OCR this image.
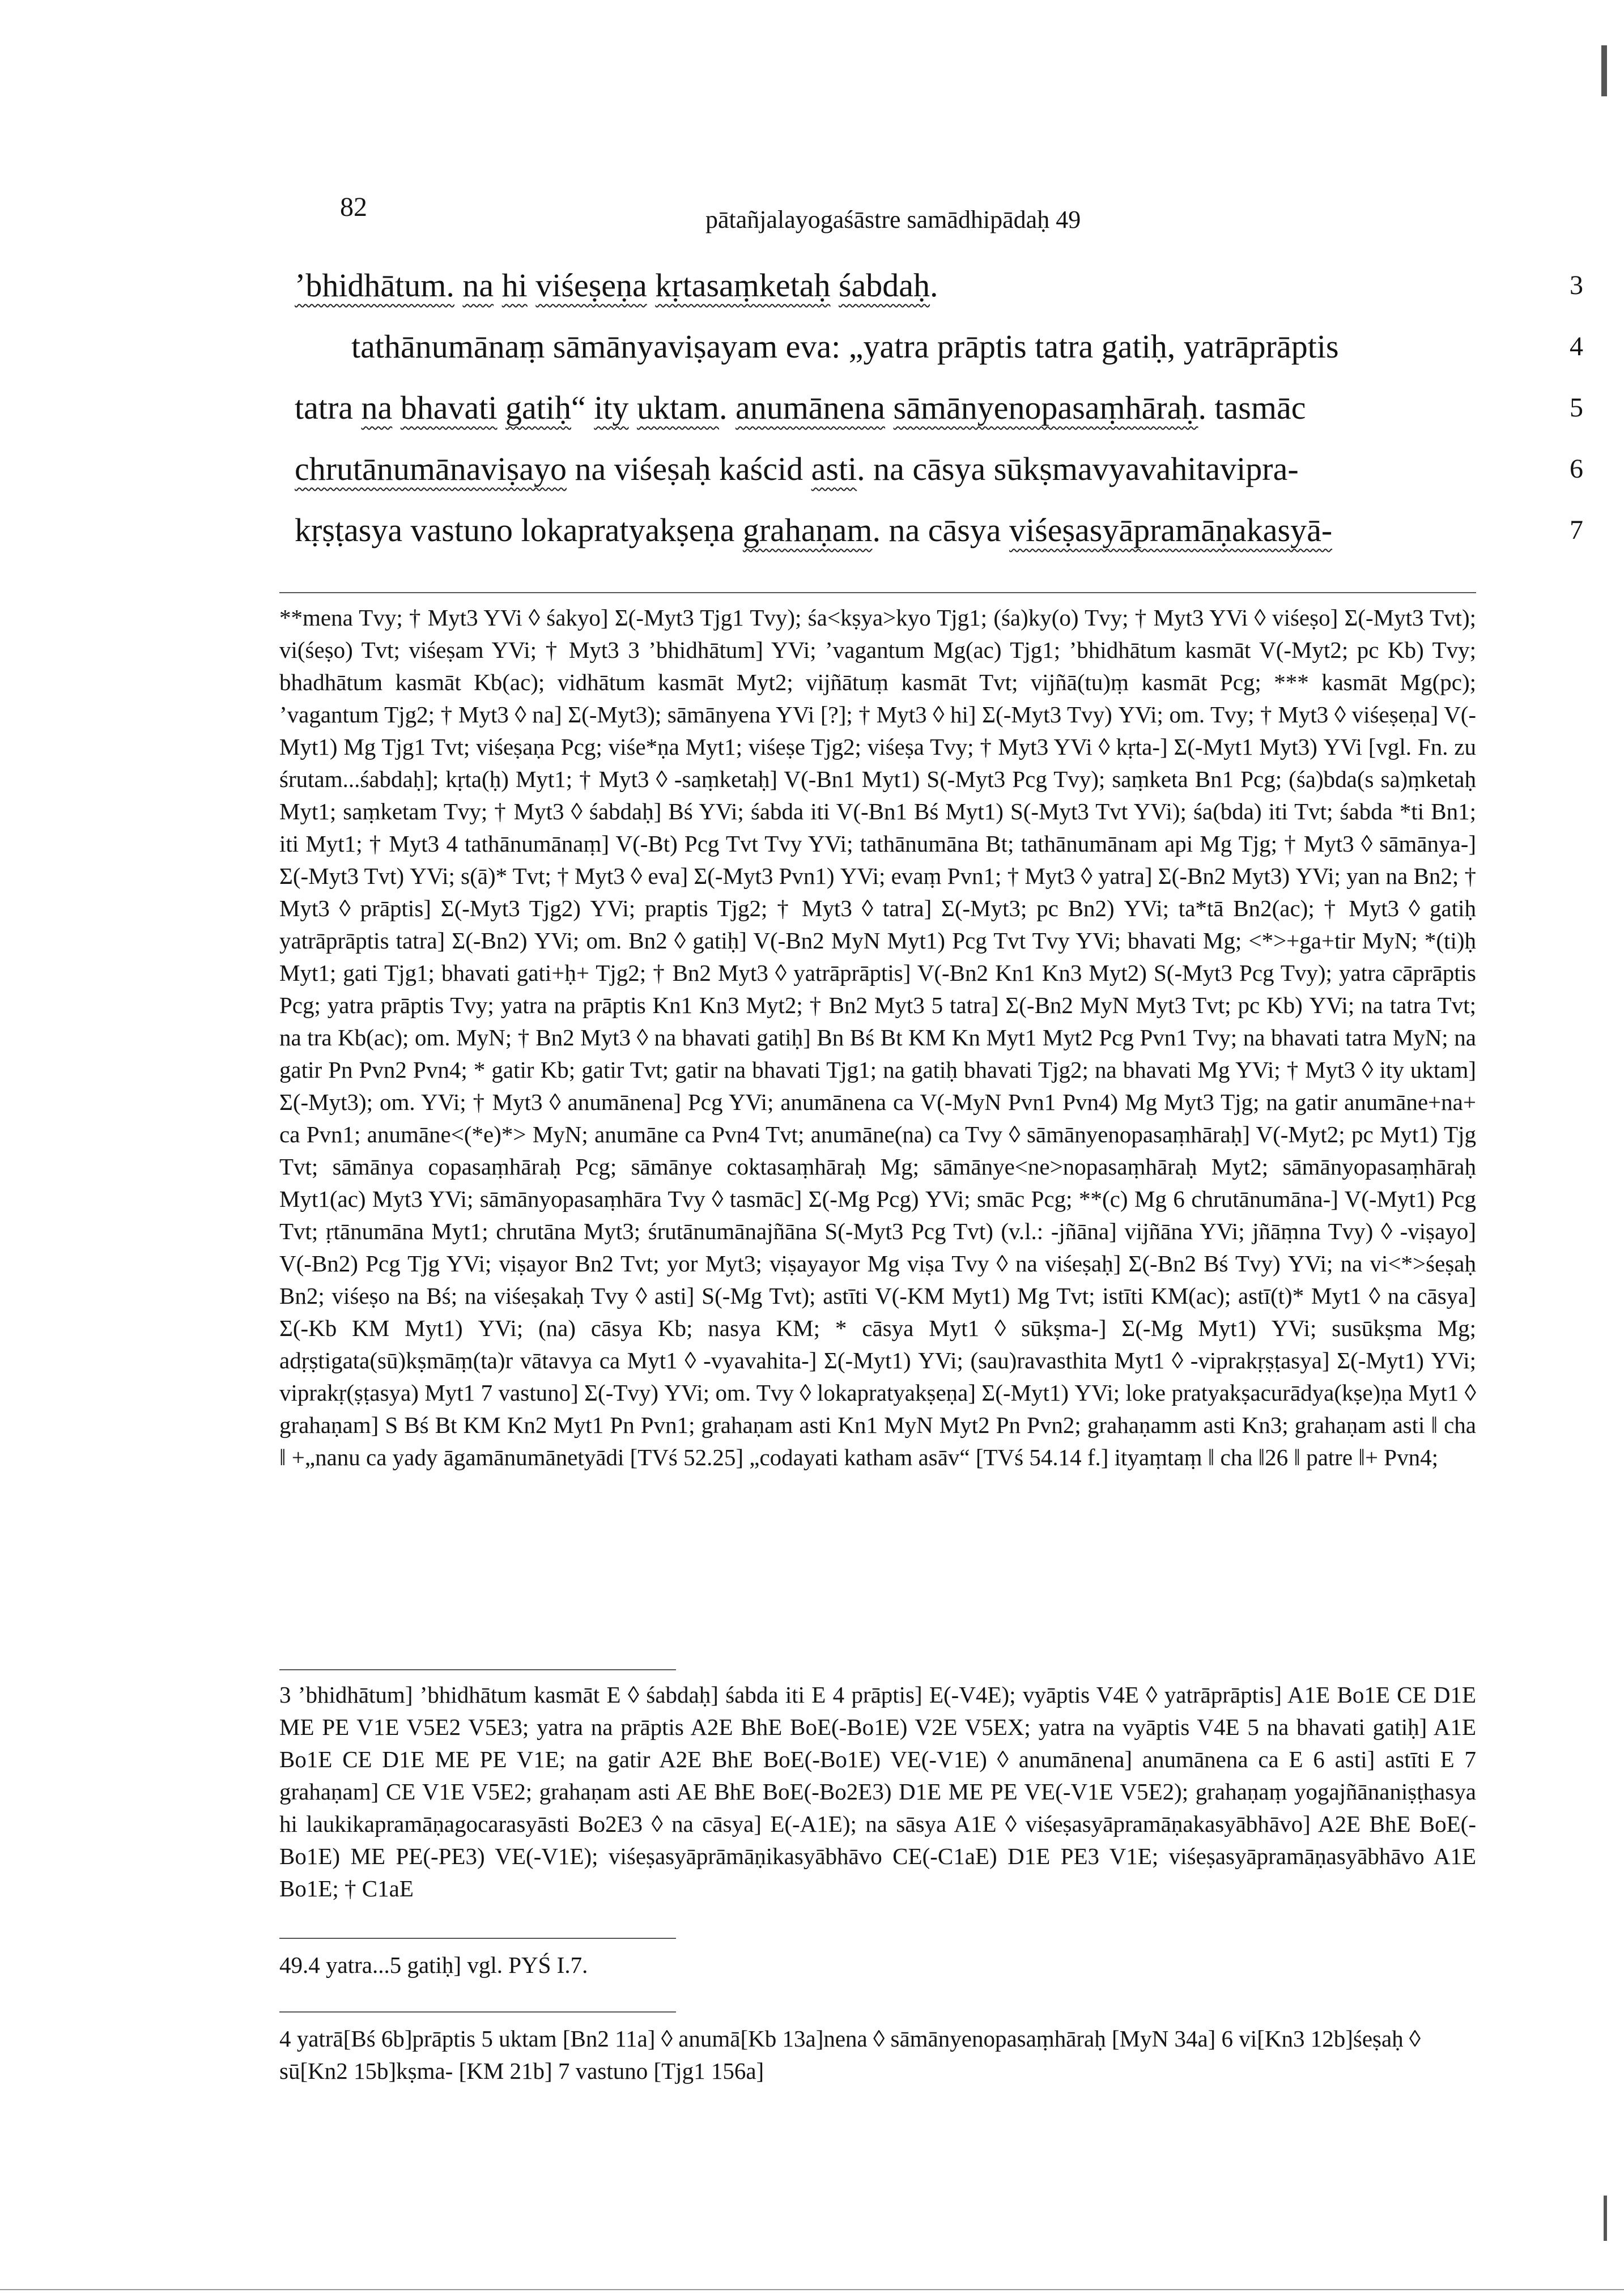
82	pātañjalayogaśāstre samādhipādaḥ 49
’bhidhātum. na hi viśeṣeṇa kṛtasaṃketaḥ śabdaḥ.	3
tathānumānaṃ sāmānyaviṣayam eva: „yatra prāptis tatra gatiḥ, yatrāprāptis	4
tatra na bhavati gatiḥ“ ity uktam. anumānena sāmānyenopasaṃhāraḥ. tasmāc	5
chrutānumānaviṣayo na viśeṣaḥ kaścid asti. na cāsya sūkṣmavyavahitavipra-	6
kṛṣṭasya vastuno lokapratyakṣeṇa grahaṇam. na cāsya viśeṣasyāpramāṇakasyā-	7
**mena Tvy; † Myt3 YVi ◊ śakyo] Σ(-Myt3 Tjg1 Tvy); śa<kṣya>kyo Tjg1; (śa)ky(o) Tvy; † Myt3 YVi ◊ viśeṣo] Σ(-Myt3 Tvt); vi(śeṣo) Tvt; viśeṣam YVi; † Myt3 3 ’bhidhātum] YVi; ’vagantum Mg(ac) Tjg1; ’bhidhātum kasmāt V(-Myt2; pc Kb) Tvy; bhadhātum kasmāt Kb(ac); vidhātum kasmāt Myt2; vijñātuṃ kasmāt Tvt; vijñā(tu)ṃ kasmāt Pcg; *** kasmāt Mg(pc); ’vagantum Tjg2; † Myt3 ◊ na] Σ(-Myt3); sāmānyena YVi [?]; † Myt3 ◊ hi] Σ(-Myt3 Tvy) YVi; om. Tvy; † Myt3 ◊ viśeṣeṇa] V(-Myt1) Mg Tjg1 Tvt; viśeṣaṇa Pcg; viśe*ṇa Myt1; viśeṣe Tjg2; viśeṣa Tvy; † Myt3 YVi ◊ kṛta-] Σ(-Myt1 Myt3) YVi [vgl. Fn. zu śrutam...śabdaḥ]; kṛta(ḥ) Myt1; † Myt3 ◊ -saṃketaḥ] V(-Bn1 Myt1) S(-Myt3 Pcg Tvy); saṃketa Bn1 Pcg; (śa)bda(s sa)ṃketaḥ Myt1; saṃketam Tvy; † Myt3 ◊ śabdaḥ] Bś YVi; śabda iti V(-Bn1 Bś Myt1) S(-Myt3 Tvt YVi); śa(bda) iti Tvt; śabda *ti Bn1; iti Myt1; † Myt3 4 tathānumānaṃ] V(-Bt) Pcg Tvt Tvy YVi; tathānumāna Bt; tathānumānam api Mg Tjg; † Myt3 ◊ sāmānya-] Σ(-Myt3 Tvt) YVi; s(ā)* Tvt; † Myt3 ◊ eva] Σ(-Myt3 Pvn1) YVi; evaṃ Pvn1; † Myt3 ◊ yatra] Σ(-Bn2 Myt3) YVi; yan na Bn2; † Myt3 ◊ prāptis] Σ(-Myt3 Tjg2) YVi; praptis Tjg2; † Myt3 ◊ tatra] Σ(-Myt3; pc Bn2) YVi; ta*tā Bn2(ac); † Myt3 ◊ gatiḥ yatrāprāptis tatra] Σ(-Bn2) YVi; om. Bn2 ◊ gatiḥ] V(-Bn2 MyN Myt1) Pcg Tvt Tvy YVi; bhavati Mg; <*>+ga+tir MyN; *(ti)ḥ Myt1; gati Tjg1; bhavati gati+ḥ+ Tjg2; † Bn2 Myt3 ◊ yatrāprāptis] V(-Bn2 Kn1 Kn3 Myt2) S(-Myt3 Pcg Tvy); yatra cāprāptis Pcg; yatra prāptis Tvy; yatra na prāptis Kn1 Kn3 Myt2; † Bn2 Myt3 5 tatra] Σ(-Bn2 MyN Myt3 Tvt; pc Kb) YVi; na tatra Tvt; na tra Kb(ac); om. MyN; † Bn2 Myt3 ◊ na bhavati gatiḥ] Bn Bś Bt KM Kn Myt1 Myt2 Pcg Pvn1 Tvy; na bhavati tatra MyN; na gatir Pn Pvn2 Pvn4; * gatir Kb; gatir Tvt; gatir na bhavati Tjg1; na gatiḥ bhavati Tjg2; na bhavati Mg YVi; † Myt3 ◊ ity uktam] Σ(-Myt3); om. YVi; † Myt3 ◊ anumānena] Pcg YVi; anumānena ca V(-MyN Pvn1 Pvn4) Mg Myt3 Tjg; na gatir anumāne+na+ ca Pvn1; anumāne<(*e)*> MyN; anumāne ca Pvn4 Tvt; anumāne(na) ca Tvy ◊ sāmānyenopasaṃhāraḥ] V(-Myt2; pc Myt1) Tjg Tvt; sāmānya copasaṃhāraḥ Pcg; sāmānye coktasaṃhāraḥ Mg; sāmānye<ne>nopasaṃhāraḥ Myt2; sāmānyopasaṃhāraḥ Myt1(ac) Myt3 YVi; sāmānyopasaṃhāra Tvy ◊ tasmāc] Σ(-Mg Pcg) YVi; smāc Pcg; **(c) Mg 6 chrutānumāna-] V(-Myt1) Pcg Tvt; ṛtānumāna Myt1; chrutāna Myt3; śrutānumānajñāna S(-Myt3 Pcg Tvt) (v.l.: -jñāna] vijñāna YVi; jñāṃna Tvy) ◊ -viṣayo] V(-Bn2) Pcg Tjg YVi; viṣayor Bn2 Tvt; yor Myt3; viṣayayor Mg viṣa Tvy ◊ na viśeṣaḥ] Σ(-Bn2 Bś Tvy) YVi; na vi<*>śeṣaḥ Bn2; viśeṣo na Bś; na viśeṣakaḥ Tvy ◊ asti] S(-Mg Tvt); astīti V(-KM Myt1) Mg Tvt; istīti KM(ac); astī(t)* Myt1 ◊ na cāsya] Σ(-Kb KM Myt1) YVi; (na) cāsya Kb; nasya KM; * cāsya Myt1 ◊ sūkṣma-] Σ(-Mg Myt1) YVi; susūkṣma Mg; adṛṣtigata(sū)kṣmāṃ(ta)r vātavya ca Myt1 ◊ -vyavahita-] Σ(-Myt1) YVi; (sau)ravasthita Myt1 ◊ -viprakṛṣṭasya] Σ(-Myt1) YVi; viprakṛ(ṣṭasya) Myt1 7 vastuno] Σ(-Tvy) YVi; om. Tvy ◊ lokapratyakṣeṇa] Σ(-Myt1) YVi; loke pratyakṣacurādya(kṣe)ṇa Myt1 ◊ grahaṇam] S Bś Bt KM Kn2 Myt1 Pn Pvn1; grahaṇam asti Kn1 MyN Myt2 Pn Pvn2; grahaṇamm asti Kn3; grahaṇam asti ‖ cha ‖ +„nanu ca yady āgamānumānetyādi [TVś 52.25] „codayati katham asāv“ [TVś 54.14 f.] ityaṃtaṃ ‖ cha ‖26 ‖ patre ‖+ Pvn4;
3 ’bhidhātum] ’bhidhātum kasmāt E ◊ śabdaḥ] śabda iti E 4 prāptis] E(-V4E); vyāptis V4E ◊ yatrāprāptis] A1E Bo1E CE D1E ME PE V1E V5E2 V5E3; yatra na prāptis A2E BhE BoE(-Bo1E) V2E V5EX; yatra na vyāptis V4E 5 na bhavati gatiḥ] A1E Bo1E CE D1E ME PE V1E; na gatir A2E BhE BoE(-Bo1E) VE(-V1E) ◊ anumānena] anumānena ca E 6 asti] astīti E 7 grahaṇam] CE V1E V5E2; grahaṇam asti AE BhE BoE(-Bo2E3) D1E ME PE VE(-V1E V5E2); grahaṇaṃ yogajñānaniṣṭhasya hi laukikapramāṇagocarasyāsti Bo2E3 ◊ na cāsya] E(-A1E); na sāsya A1E ◊ viśeṣasyāpramāṇakasyābhāvo] A2E BhE BoE(-Bo1E) ME PE(-PE3) VE(-V1E); viśeṣasyāprāmāṇikasyābhāvo CE(-C1aE) D1E PE3 V1E; viśeṣasyāpramāṇasyābhāvo A1E Bo1E; † C1aE
49.4 yatra...5 gatiḥ] vgl. PYŚ I.7.
4 yatrā[Bś 6b]prāptis 5 uktam [Bn2 11a] ◊ anumā[Kb 13a]nena ◊ sāmānyenopasaṃhāraḥ [MyN 34a] 6 vi[Kn3 12b]śeṣaḥ ◊ sū[Kn2 15b]kṣma- [KM 21b] 7 vastuno [Tjg1 156a]
